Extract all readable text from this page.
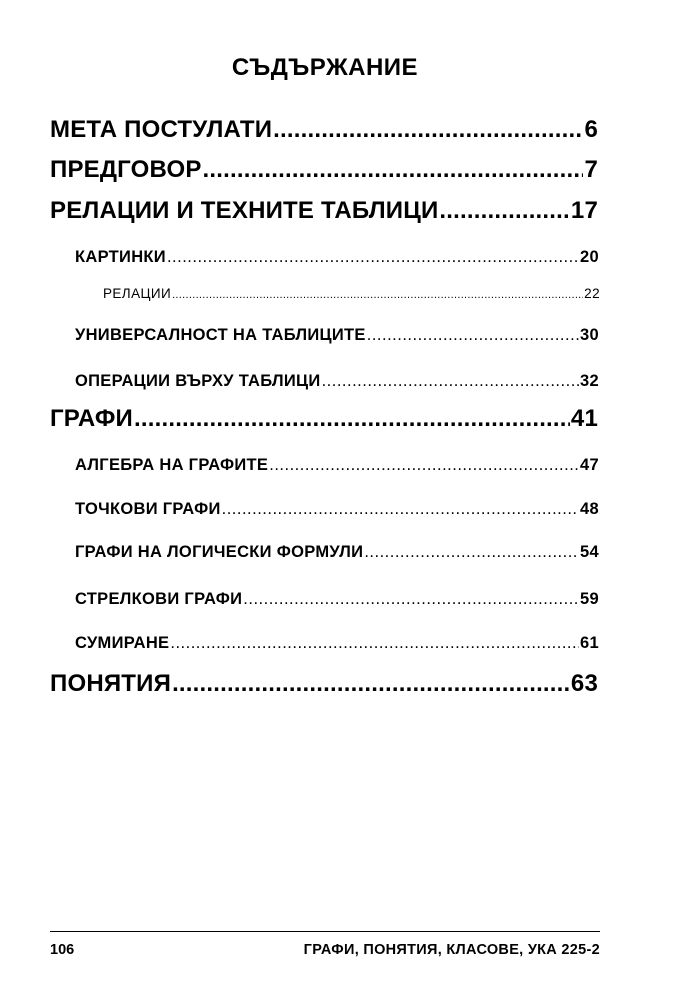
СЪДЪРЖАНИЕ
МЕТА ПОСТУЛАТИ .....	6
ПРЕДГОВОР .....	7
РЕЛАЦИИ И ТЕХНИТЕ ТАБЛИЦИ .....	17
КАРТИНКИ .....	20
РЕЛАЦИИ .....	22
УНИВЕРСАЛНОСТ НА ТАБЛИЦИТЕ .....	30
ОПЕРАЦИИ ВЪРХУ ТАБЛИЦИ .....	32
ГРАФИ .....	41
АЛГЕБРА НА ГРАФИТЕ .....	47
ТОЧКОВИ ГРАФИ .....	48
ГРАФИ НА ЛОГИЧЕСКИ ФОРМУЛИ .....	54
СТРЕЛКОВИ ГРАФИ .....	59
СУМИРАНЕ .....	61
ПОНЯТИЯ .....	63
106	ГРАФИ, ПОНЯТИЯ, КЛАСОВЕ, УКА 225-2
